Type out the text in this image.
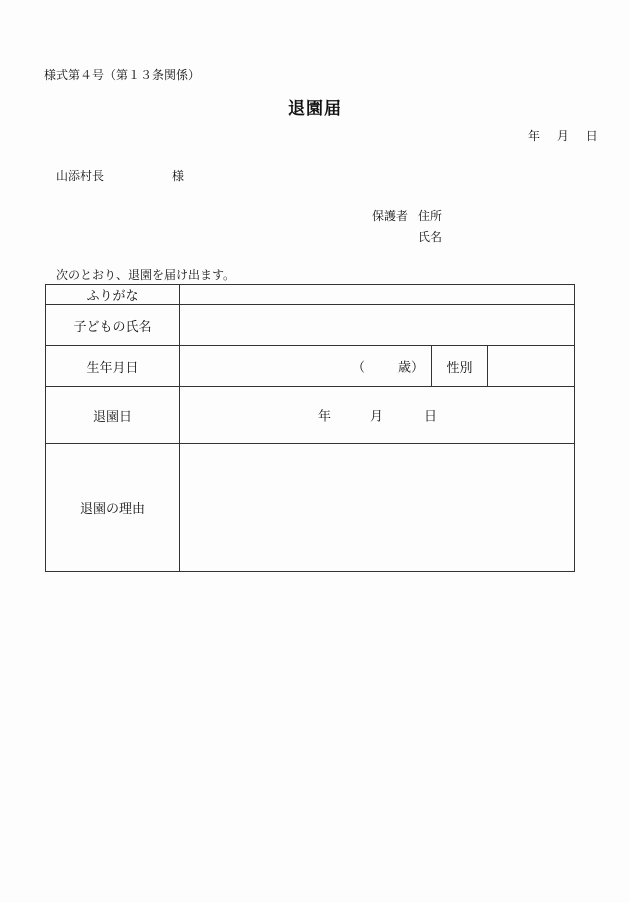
様式第４号（第１３条関係）
退園届
年 月 日
山添村長	様
保護者 住所
氏名
次のとおり、退園を届け出ます。
ふりがな			
子どもの氏名			
生年月日	（ 歳）	性別	
退園日	年 月 日		

退園の理由			
